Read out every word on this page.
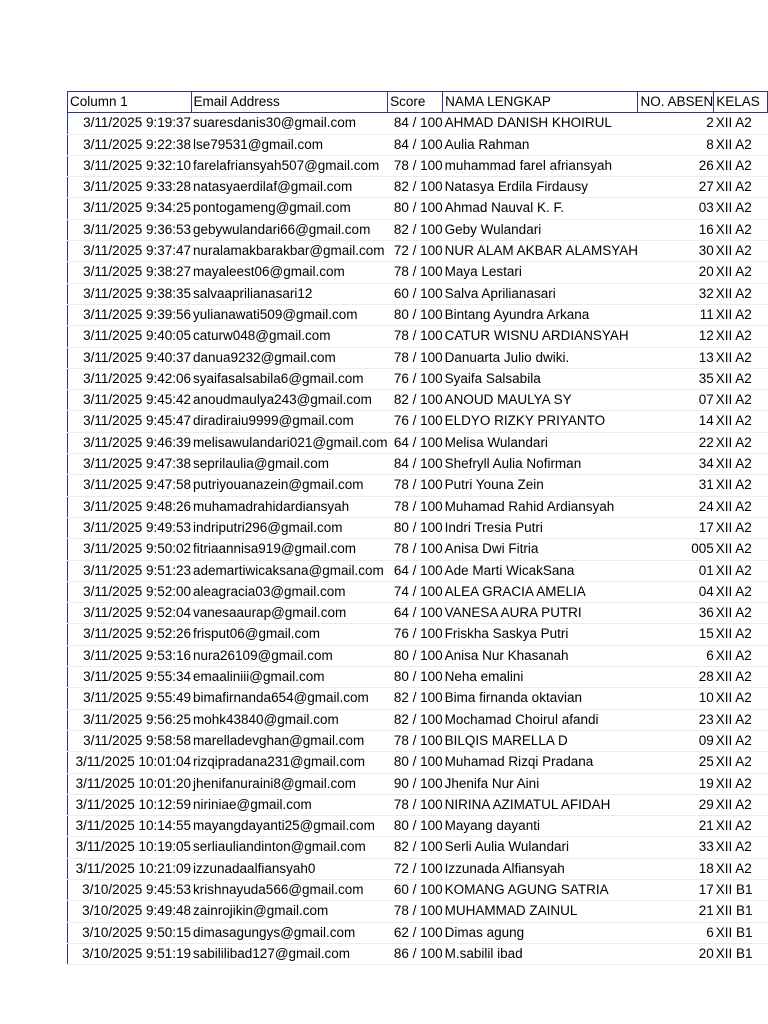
Column 1	Email Address	Score	NAMA LENGKAP	NO. ABSEN	KELAS
3/11/2025 9:19:37	suaresdanis30@gmail.com	84 / 100	AHMAD DANISH KHOIRUL	2	XII A2
3/11/2025 9:22:38	lse79531@gmail.com	84 / 100	Aulia Rahman	8	XII A2
3/11/2025 9:32:10	farelafriansyah507@gmail.com	78 / 100	muhammad farel afriansyah	26	XII A2
3/11/2025 9:33:28	natasyaerdilaf@gmail.com	82 / 100	Natasya Erdila Firdausy	27	XII A2
3/11/2025 9:34:25	pontogameng@gmail.com	80 / 100	Ahmad Nauval K. F.	03	XII A2
3/11/2025 9:36:53	gebywulandari66@gmail.com	82 / 100	Geby Wulandari	16	XII A2
3/11/2025 9:37:47	nuralamakbarakbar@gmail.com	72 / 100	NUR ALAM AKBAR ALAMSYAH	30	XII A2
3/11/2025 9:38:27	mayaleest06@gmail.com	78 / 100	Maya Lestari	20	XII A2
3/11/2025 9:38:35	salvaaprilianasari12	60 / 100	Salva Aprilianasari	32	XII A2
3/11/2025 9:39:56	yulianawati509@gmail.com	80 / 100	Bintang Ayundra Arkana	11	XII A2
3/11/2025 9:40:05	caturw048@gmail.com	78 / 100	CATUR WISNU ARDIANSYAH	12	XII A2
3/11/2025 9:40:37	danua9232@gmail.com	78 / 100	Danuarta Julio dwiki.	13	XII A2
3/11/2025 9:42:06	syaifasalsabila6@gmail.com	76 / 100	Syaifa Salsabila	35	XII A2
3/11/2025 9:45:42	anoudmaulya243@gmail.com	82 / 100	ANOUD MAULYA SY	07	XII A2
3/11/2025 9:45:47	diradiraiu9999@gmail.com	76 / 100	ELDYO RIZKY PRIYANTO	14	XII A2
3/11/2025 9:46:39	melisawulandari021@gmail.com	64 / 100	Melisa Wulandari	22	XII A2
3/11/2025 9:47:38	seprilaulia@gmail.com	84 / 100	Shefryll Aulia Nofirman	34	XII A2
3/11/2025 9:47:58	putriyouanazein@gmail.com	78 / 100	Putri Youna Zein	31	XII A2
3/11/2025 9:48:26	muhamadrahidardiansyah	78 / 100	Muhamad Rahid Ardiansyah	24	XII A2
3/11/2025 9:49:53	indriputri296@gmail.com	80 / 100	Indri Tresia Putri	17	XII A2
3/11/2025 9:50:02	fitriaannisa919@gmail.com	78 / 100	Anisa Dwi Fitria	005	XII A2
3/11/2025 9:51:23	ademartiwicaksana@gmail.com	64 / 100	Ade Marti WicakSana	01	XII A2
3/11/2025 9:52:00	aleagracia03@gmail.com	74 / 100	ALEA GRACIA AMELIA	04	XII A2
3/11/2025 9:52:04	vanesaaurap@gmail.com	64 / 100	VANESA AURA PUTRI	36	XII A2
3/11/2025 9:52:26	frisput06@gmail.com	76 / 100	Friskha Saskya Putri	15	XII A2
3/11/2025 9:53:16	nura26109@gmail.com	80 / 100	Anisa Nur Khasanah	6	XII A2
3/11/2025 9:55:34	emaaliniii@gmail.com	80 / 100	Neha emalini	28	XII A2
3/11/2025 9:55:49	bimafirnanda654@gmail.com	82 / 100	Bima firnanda oktavian	10	XII A2
3/11/2025 9:56:25	mohk43840@gmail.com	82 / 100	Mochamad Choirul afandi	23	XII A2
3/11/2025 9:58:58	marelladevghan@gmail.com	78 / 100	BILQIS MARELLA D	09	XII A2
3/11/2025 10:01:04	rizqipradana231@gmail.com	80 / 100	Muhamad Rizqi Pradana	25	XII A2
3/11/2025 10:01:20	jhenifanuraini8@gmail.com	90 / 100	Jhenifa Nur Aini	19	XII A2
3/11/2025 10:12:59	niriniae@gmail.com	78 / 100	NIRINA AZIMATUL AFIDAH	29	XII A2
3/11/2025 10:14:55	mayangdayanti25@gmail.com	80 / 100	Mayang dayanti	21	XII A2
3/11/2025 10:19:05	serliauliandinton@gmail.com	82 / 100	Serli Aulia Wulandari	33	XII A2
3/11/2025 10:21:09	izzunadaalfiansyah0	72 / 100	Izzunada Alfiansyah	18	XII A2
3/10/2025 9:45:53	krishnayuda566@gmail.com	60 / 100	KOMANG AGUNG SATRIA	17	XII B1
3/10/2025 9:49:48	zainrojikin@gmail.com	78 / 100	MUHAMMAD ZAINUL	21	XII B1
3/10/2025 9:50:15	dimasagungys@gmail.com	62 / 100	Dimas agung	6	XII B1
3/10/2025 9:51:19	sabililibad127@gmail.com	86 / 100	M.sabilil ibad	20	XII B1
